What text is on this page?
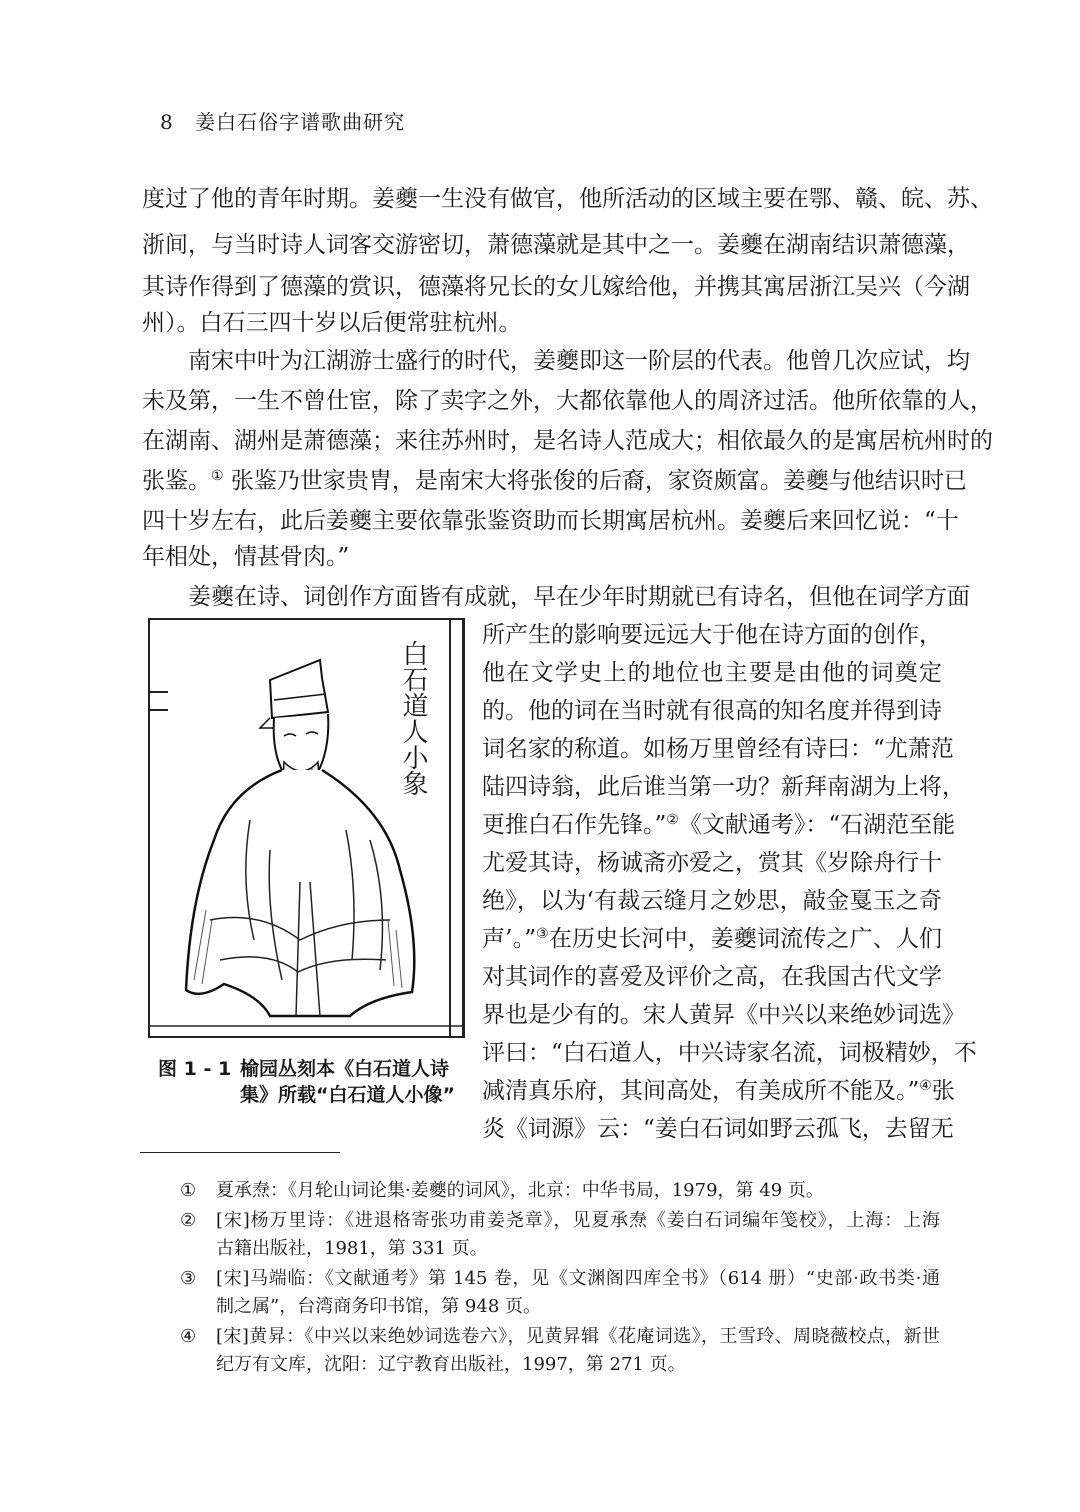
8 姜白石俗字谱歌曲研究
度过了他的青年时期。姜夔一生没有做官，他所活动的区域主要在鄂、赣、皖、苏、
浙间，与当时诗人词客交游密切，萧德藻就是其中之一。姜夔在湖南结识萧德藻，
其诗作得到了德藻的赏识，德藻将兄长的女儿嫁给他，并携其寓居浙江吴兴（今湖
州）。白石三四十岁以后便常驻杭州。
南宋中叶为江湖游士盛行的时代，姜夔即这一阶层的代表。他曾几次应试，均
未及第，一生不曾仕宦，除了卖字之外，大都依靠他人的周济过活。他所依靠的人，
在湖南、湖州是萧德藻；来往苏州时，是名诗人范成大；相依最久的是寓居杭州时的
张鉴。① 张鉴乃世家贵胄，是南宋大将张俊的后裔，家资颇富。姜夔与他结识时已
四十岁左右，此后姜夔主要依靠张鉴资助而长期寓居杭州。姜夔后来回忆说：“十
年相处，情甚骨肉。”
姜夔在诗、词创作方面皆有成就，早在少年时期就已有诗名，但他在词学方面
所产生的影响要远远大于他在诗方面的创作，
他在文学史上的地位也主要是由他的词奠定
的。他的词在当时就有很高的知名度并得到诗
词名家的称道。如杨万里曾经有诗曰：“尤萧范
陆四诗翁，此后谁当第一功？新拜南湖为上将，
更推白石作先锋。”②《文献通考》：“石湖范至能
尤爱其诗，杨诚斋亦爱之，赏其《岁除舟行十
绝》，以为‘有裁云缝月之妙思，敲金戛玉之奇
声’。”③在历史长河中，姜夔词流传之广、人们
对其词作的喜爱及评价之高，在我国古代文学
界也是少有的。宋人黄昇《中兴以来绝妙词选》
评曰：“白石道人，中兴诗家名流，词极精妙，不
减清真乐府，其间高处，有美成所不能及。”④张
炎《词源》云：“姜白石词如野云孤飞，去留无
白石道人小象
图 1 - 1 榆园丛刻本《白石道人诗
集》所载“白石道人小像”
① 夏承焘：《月轮山词论集·姜夔的词风》，北京：中华书局，1979，第 49 页。
② [宋]杨万里诗：《进退格寄张功甫姜尧章》，见夏承焘《姜白石词编年笺校》，上海：上海
古籍出版社，1981，第 331 页。
③ [宋]马端临：《文献通考》第 145 卷，见《文渊阁四库全书》（614 册）“史部·政书类·通
制之属”，台湾商务印书馆，第 948 页。
④ [宋]黄昇：《中兴以来绝妙词选卷六》，见黄昇辑《花庵词选》，王雪玲、周晓薇校点，新世
纪万有文库，沈阳：辽宁教育出版社，1997，第 271 页。
